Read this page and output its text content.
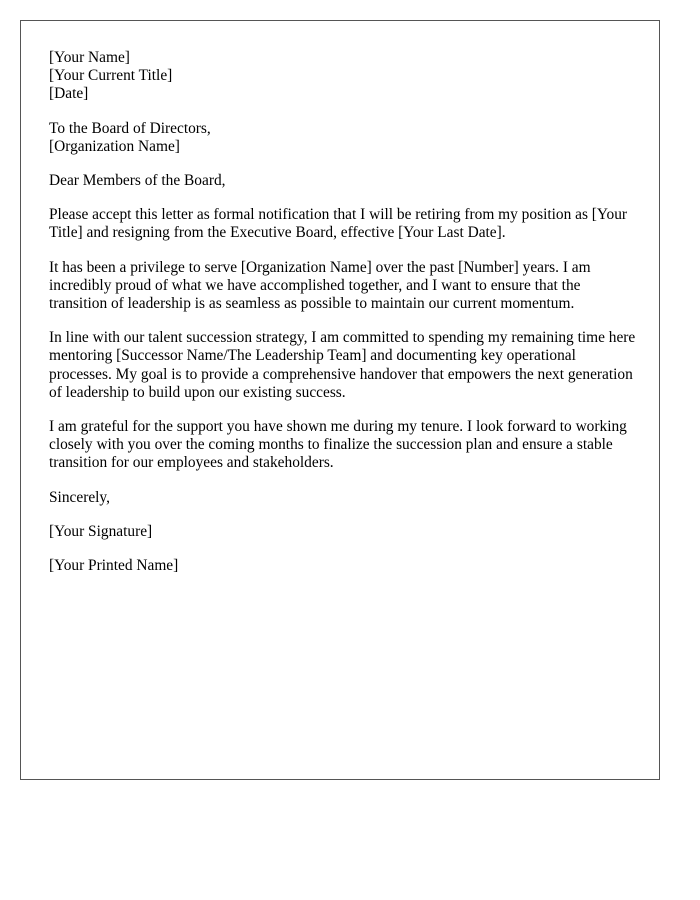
[Your Name]
[Your Current Title]
[Date]
To the Board of Directors,
[Organization Name]

Dear Members of the Board,

Please accept this letter as formal notification that I will be retiring from my position as [Your Title] and resigning from the Executive Board, effective [Your Last Date].

It has been a privilege to serve [Organization Name] over the past [Number] years. I am incredibly proud of what we have accomplished together, and I want to ensure that the transition of leadership is as seamless as possible to maintain our current momentum.

In line with our talent succession strategy, I am committed to spending my remaining time here mentoring [Successor Name/The Leadership Team] and documenting key operational processes. My goal is to provide a comprehensive handover that empowers the next generation of leadership to build upon our existing success.

I am grateful for the support you have shown me during my tenure. I look forward to working closely with you over the coming months to finalize the succession plan and ensure a stable transition for our employees and stakeholders.

Sincerely,

[Your Signature]

[Your Printed Name]
